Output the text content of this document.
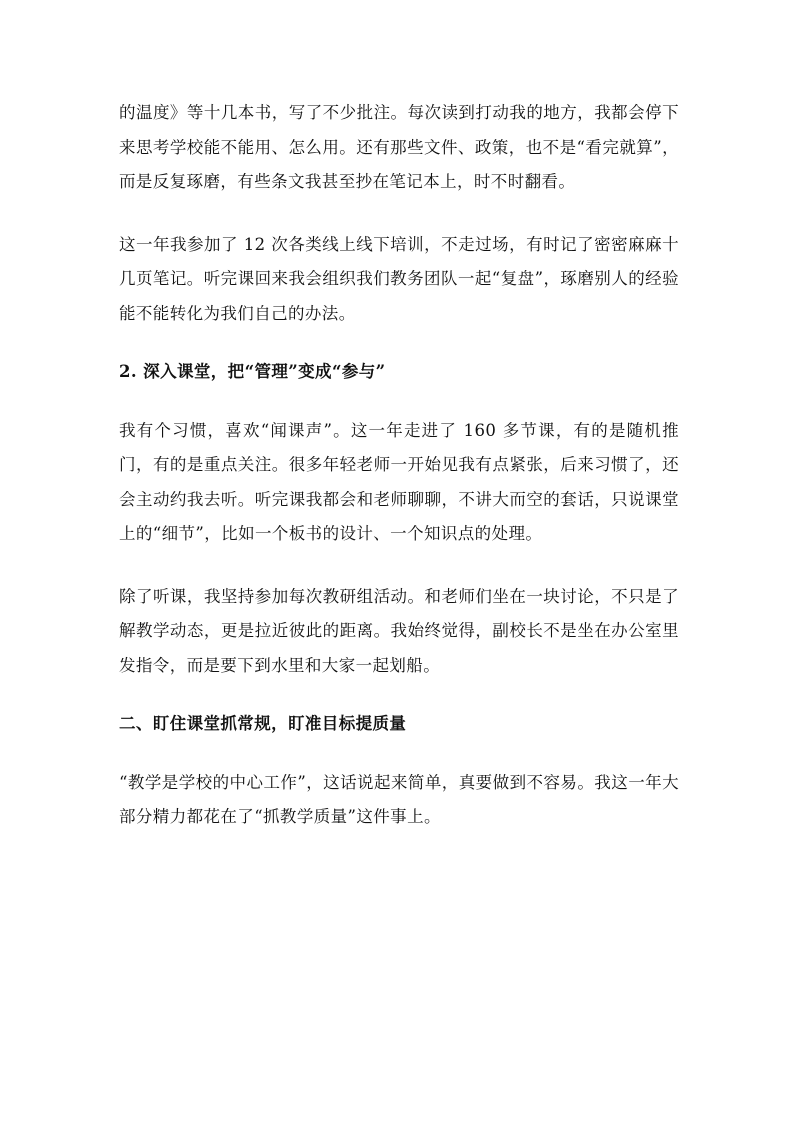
的温度》等十几本书，写了不少批注。每次读到打动我的地方，我都会停下来思考学校能不能用、怎么用。还有那些文件、政策，也不是“看完就算”，而是反复琢磨，有些条文我甚至抄在笔记本上，时不时翻看。

这一年我参加了 12 次各类线上线下培训，不走过场，有时记了密密麻麻十几页笔记。听完课回来我会组织我们教务团队一起“复盘”，琢磨别人的经验能不能转化为我们自己的办法。

2. 深入课堂，把“管理”变成“参与”

我有个习惯，喜欢“闻课声”。这一年走进了 160 多节课，有的是随机推门，有的是重点关注。很多年轻老师一开始见我有点紧张，后来习惯了，还会主动约我去听。听完课我都会和老师聊聊，不讲大而空的套话，只说课堂上的“细节”，比如一个板书的设计、一个知识点的处理。

除了听课，我坚持参加每次教研组活动。和老师们坐在一块讨论，不只是了解教学动态，更是拉近彼此的距离。我始终觉得，副校长不是坐在办公室里发指令，而是要下到水里和大家一起划船。

二、盯住课堂抓常规，盯准目标提质量

“教学是学校的中心工作”，这话说起来简单，真要做到不容易。我这一年大部分精力都花在了“抓教学质量”这件事上。
